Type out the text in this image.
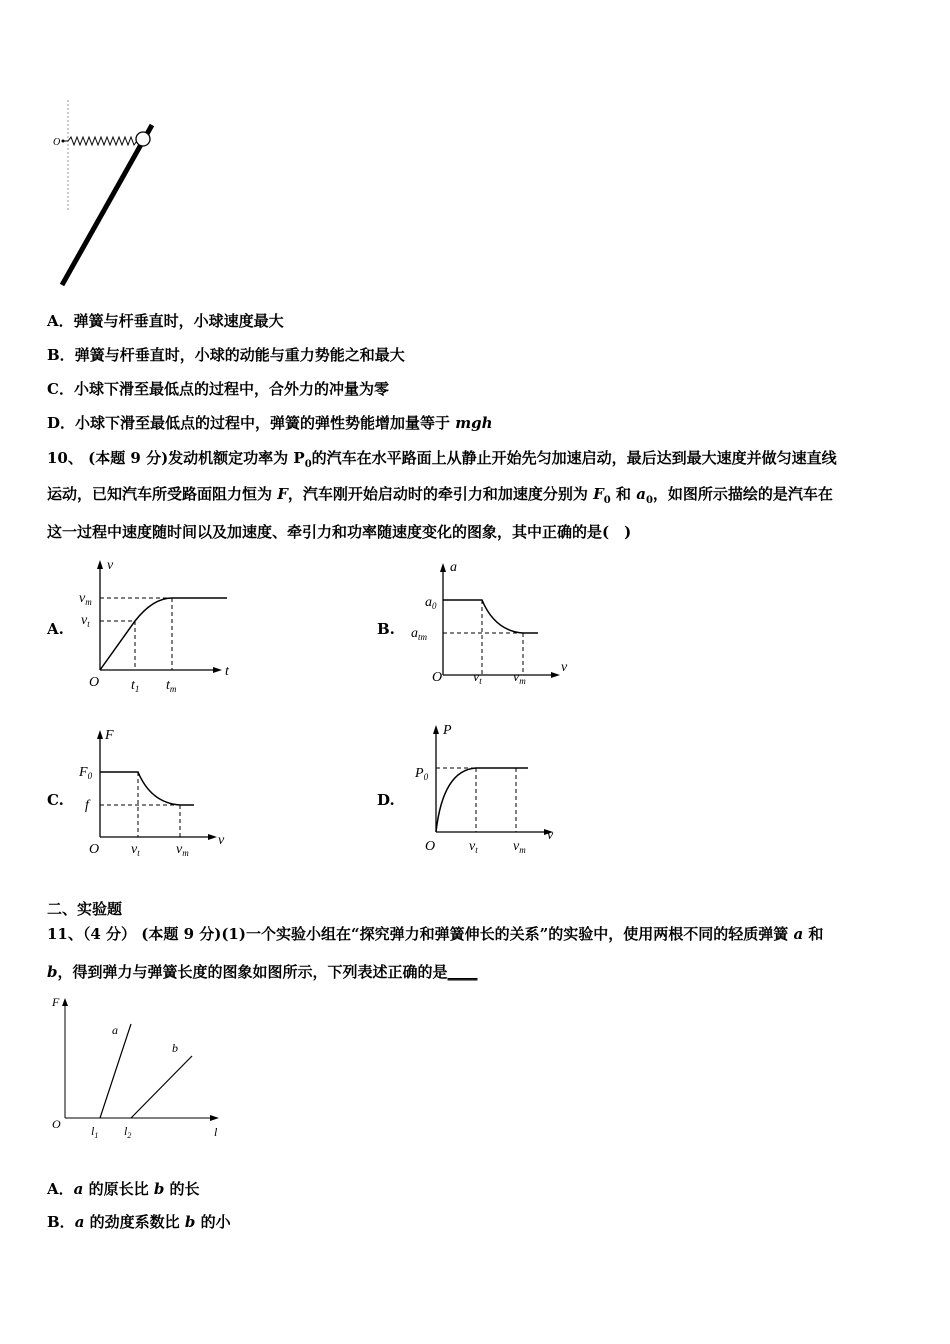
O
A．弹簧与杆垂直时，小球速度最大
B．弹簧与杆垂直时，小球的动能与重力势能之和最大
C．小球下滑至最低点的过程中，合外力的冲量为零
D．小球下滑至最低点的过程中，弹簧的弹性势能增加量等于 mgh
10、 (本题 9 分)发动机额定功率为 $P_0$的汽车在水平路面上从静止开始先匀加速启动，最后达到最大速度并做匀速直线
运动，已知汽车所受路面阻力恒为 F，汽车刚开始启动时的牵引力和加速度分别为 $F_0$ 和 $a_0$，如图所示描绘的是汽车在
这一过程中速度随时间以及加速度、牵引力和功率随速度变化的图象，其中正确的是(　)
A.	B.
C.	D.
v
t
O
$v_m$
$v_t$
$t_1$ $t_m$
a
v
O
$a_0$
$a_{tm}$
$v_t$ $v_m$
F
v
O
$F_0$
f
$v_t$	$v_m$
P
v
O
$P_0$
$v_t$	$v_m$
二、实验题
11、（4 分） (本题 9 分)(1)一个实验小组在“探究弹力和弹簧伸长的关系”的实验中，使用两根不同的轻质弹簧 a 和
b，得到弹力与弹簧长度的图象如图所示，下列表述正确的是____
F
l
O	$l_1$ $l_2$
a
b
A．a 的原长比 b 的长
B．a 的劲度系数比 b 的小
